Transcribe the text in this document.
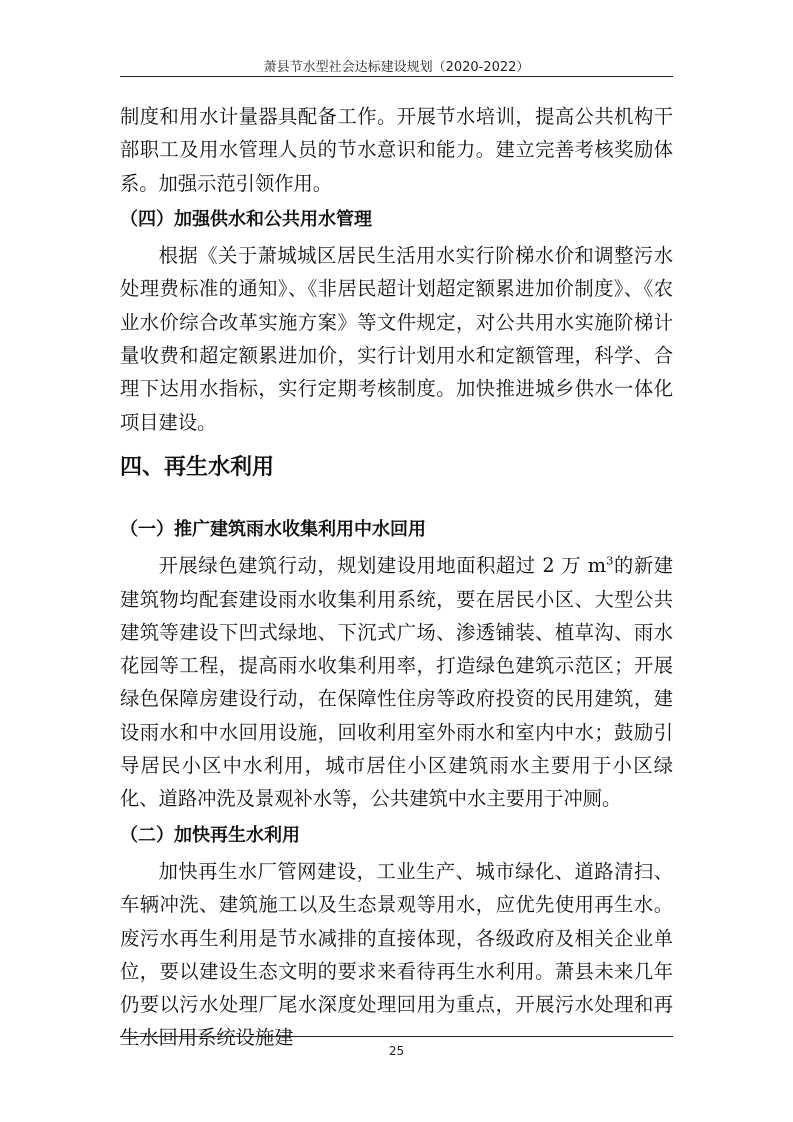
萧县节水型社会达标建设规划（2020-2022）

制度和用水计量器具配备工作。开展节水培训，提高公共机构干部职工及用水管理人员的节水意识和能力。建立完善考核奖励体系。加强示范引领作用。

（四）加强供水和公共用水管理

根据《关于萧城城区居民生活用水实行阶梯水价和调整污水处理费标准的通知》、《非居民超计划超定额累进加价制度》、《农业水价综合改革实施方案》等文件规定，对公共用水实施阶梯计量收费和超定额累进加价，实行计划用水和定额管理，科学、合理下达用水指标，实行定期考核制度。加快推进城乡供水一体化项目建设。

四、再生水利用

（一）推广建筑雨水收集利用中水回用

开展绿色建筑行动，规划建设用地面积超过 2 万 $m^3$的新建建筑物均配套建设雨水收集利用系统，要在居民小区、大型公共建筑等建设下凹式绿地、下沉式广场、渗透铺装、植草沟、雨水花园等工程，提高雨水收集利用率，打造绿色建筑示范区；开展绿色保障房建设行动，在保障性住房等政府投资的民用建筑，建设雨水和中水回用设施，回收利用室外雨水和室内中水；鼓励引导居民小区中水利用，城市居住小区建筑雨水主要用于小区绿化、道路冲洗及景观补水等，公共建筑中水主要用于冲厕。

（二）加快再生水利用

加快再生水厂管网建设，工业生产、城市绿化、道路清扫、车辆冲洗、建筑施工以及生态景观等用水，应优先使用再生水。废污水再生利用是节水减排的直接体现，各级政府及相关企业单位，要以建设生态文明的要求来看待再生水利用。萧县未来几年仍要以污水处理厂尾水深度处理回用为重点，开展污水处理和再生水回用系统设施建

25
